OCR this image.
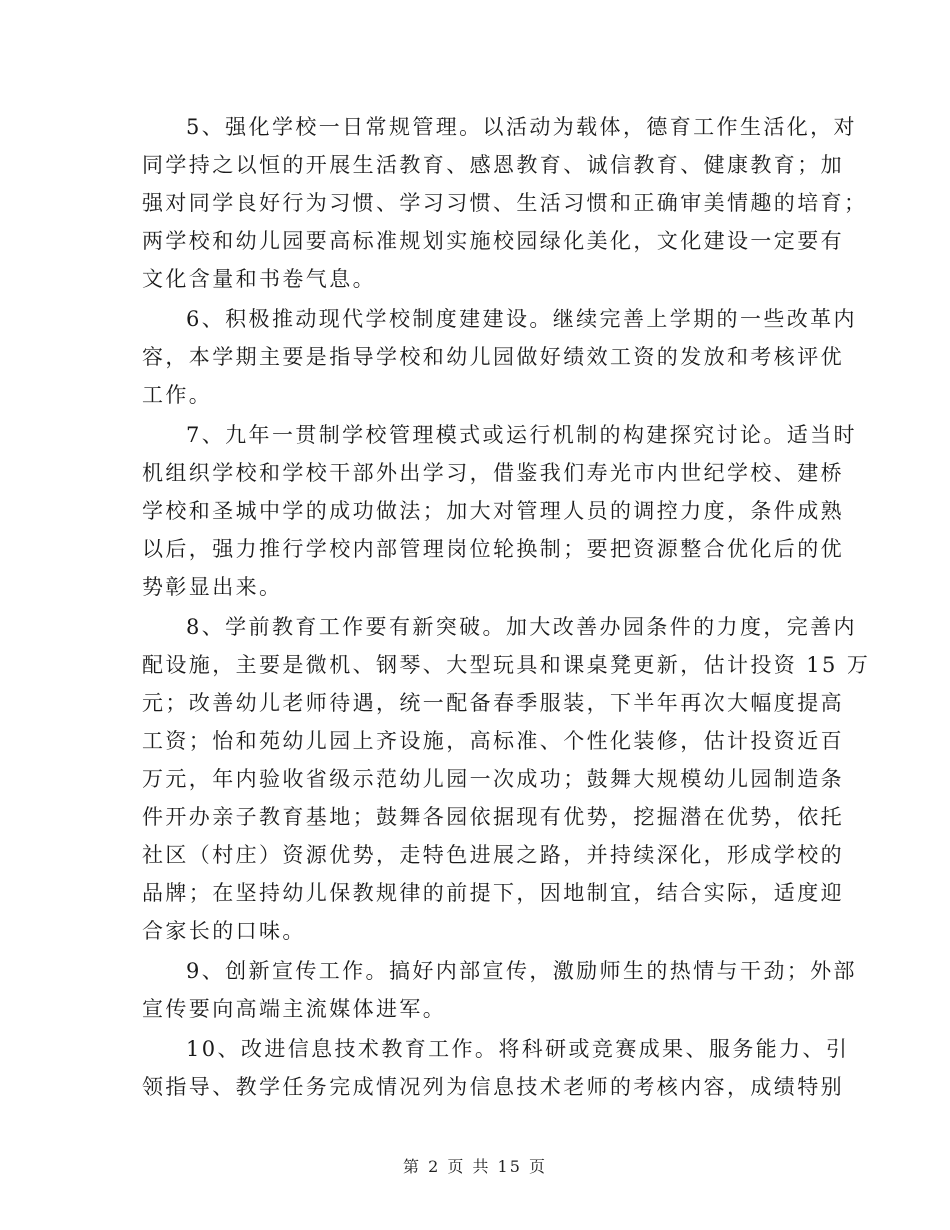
5、强化学校一日常规管理。以活动为载体，德育工作生活化，对
同学持之以恒的开展生活教育、感恩教育、诚信教育、健康教育；加
强对同学良好行为习惯、学习习惯、生活习惯和正确审美情趣的培育；
两学校和幼儿园要高标准规划实施校园绿化美化，文化建设一定要有
文化含量和书卷气息。

6、积极推动现代学校制度建建设。继续完善上学期的一些改革内
容，本学期主要是指导学校和幼儿园做好绩效工资的发放和考核评优
工作。

7、九年一贯制学校管理模式或运行机制的构建探究讨论。适当时
机组织学校和学校干部外出学习，借鉴我们寿光市内世纪学校、建桥
学校和圣城中学的成功做法；加大对管理人员的调控力度，条件成熟
以后，强力推行学校内部管理岗位轮换制；要把资源整合优化后的优
势彰显出来。

8、学前教育工作要有新突破。加大改善办园条件的力度，完善内
配设施，主要是微机、钢琴、大型玩具和课桌凳更新，估计投资 15 万
元；改善幼儿老师待遇，统一配备春季服装，下半年再次大幅度提高
工资；怡和苑幼儿园上齐设施，高标准、个性化装修，估计投资近百
万元，年内验收省级示范幼儿园一次成功；鼓舞大规模幼儿园制造条
件开办亲子教育基地；鼓舞各园依据现有优势，挖掘潜在优势，依托
社区（村庄）资源优势，走特色进展之路，并持续深化，形成学校的
品牌；在坚持幼儿保教规律的前提下，因地制宜，结合实际，适度迎
合家长的口味。

9、创新宣传工作。搞好内部宣传，激励师生的热情与干劲；外部
宣传要向高端主流媒体进军。

10、改进信息技术教育工作。将科研或竞赛成果、服务能力、引
领指导、教学任务完成情况列为信息技术老师的考核内容，成绩特别

第 2 页 共 15 页
